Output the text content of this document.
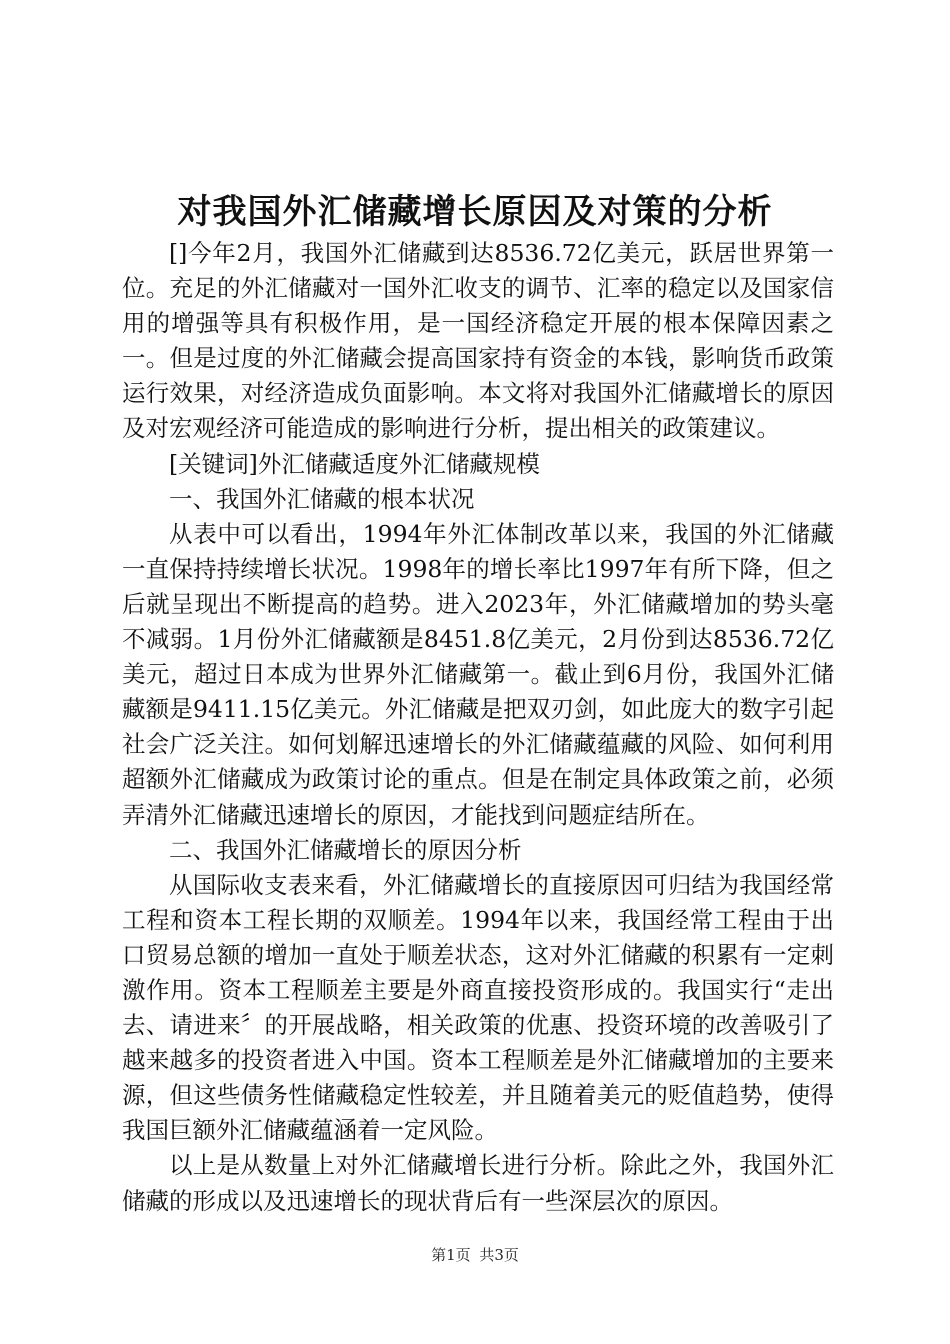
对我国外汇储藏增长原因及对策的分析

[]今年2月，我国外汇储藏到达8536.72亿美元，跃居世界第一位。充足的外汇储藏对一国外汇收支的调节、汇率的稳定以及国家信用的增强等具有积极作用，是一国经济稳定开展的根本保障因素之一。但是过度的外汇储藏会提高国家持有资金的本钱，影响货币政策运行效果，对经济造成负面影响。本文将对我国外汇储藏增长的原因及对宏观经济可能造成的影响进行分析，提出相关的政策建议。

[关键词]外汇储藏适度外汇储藏规模

一、我国外汇储藏的根本状况

从表中可以看出，1994年外汇体制改革以来，我国的外汇储藏一直保持持续增长状况。1998年的增长率比1997年有所下降，但之后就呈现出不断提高的趋势。进入2023年，外汇储藏增加的势头毫不减弱。1月份外汇储藏额是8451.8亿美元，2月份到达8536.72亿美元，超过日本成为世界外汇储藏第一。截止到6月份，我国外汇储藏额是9411.15亿美元。外汇储藏是把双刃剑，如此庞大的数字引起社会广泛关注。如何划解迅速增长的外汇储藏蕴藏的风险、如何利用超额外汇储藏成为政策讨论的重点。但是在制定具体政策之前，必须弄清外汇储藏迅速增长的原因，才能找到问题症结所在。

二、我国外汇储藏增长的原因分析

从国际收支表来看，外汇储藏增长的直接原因可归结为我国经常工程和资本工程长期的双顺差。1994年以来，我国经常工程由于出口贸易总额的增加一直处于顺差状态，这对外汇储藏的积累有一定刺激作用。资本工程顺差主要是外商直接投资形成的。我国实行“走出去、请进来〞的开展战略，相关政策的优惠、投资环境的改善吸引了越来越多的投资者进入中国。资本工程顺差是外汇储藏增加的主要来源，但这些债务性储藏稳定性较差，并且随着美元的贬值趋势，使得我国巨额外汇储藏蕴涵着一定风险。

以上是从数量上对外汇储藏增长进行分析。除此之外，我国外汇储藏的形成以及迅速增长的现状背后有一些深层次的原因。

第1页 共3页
